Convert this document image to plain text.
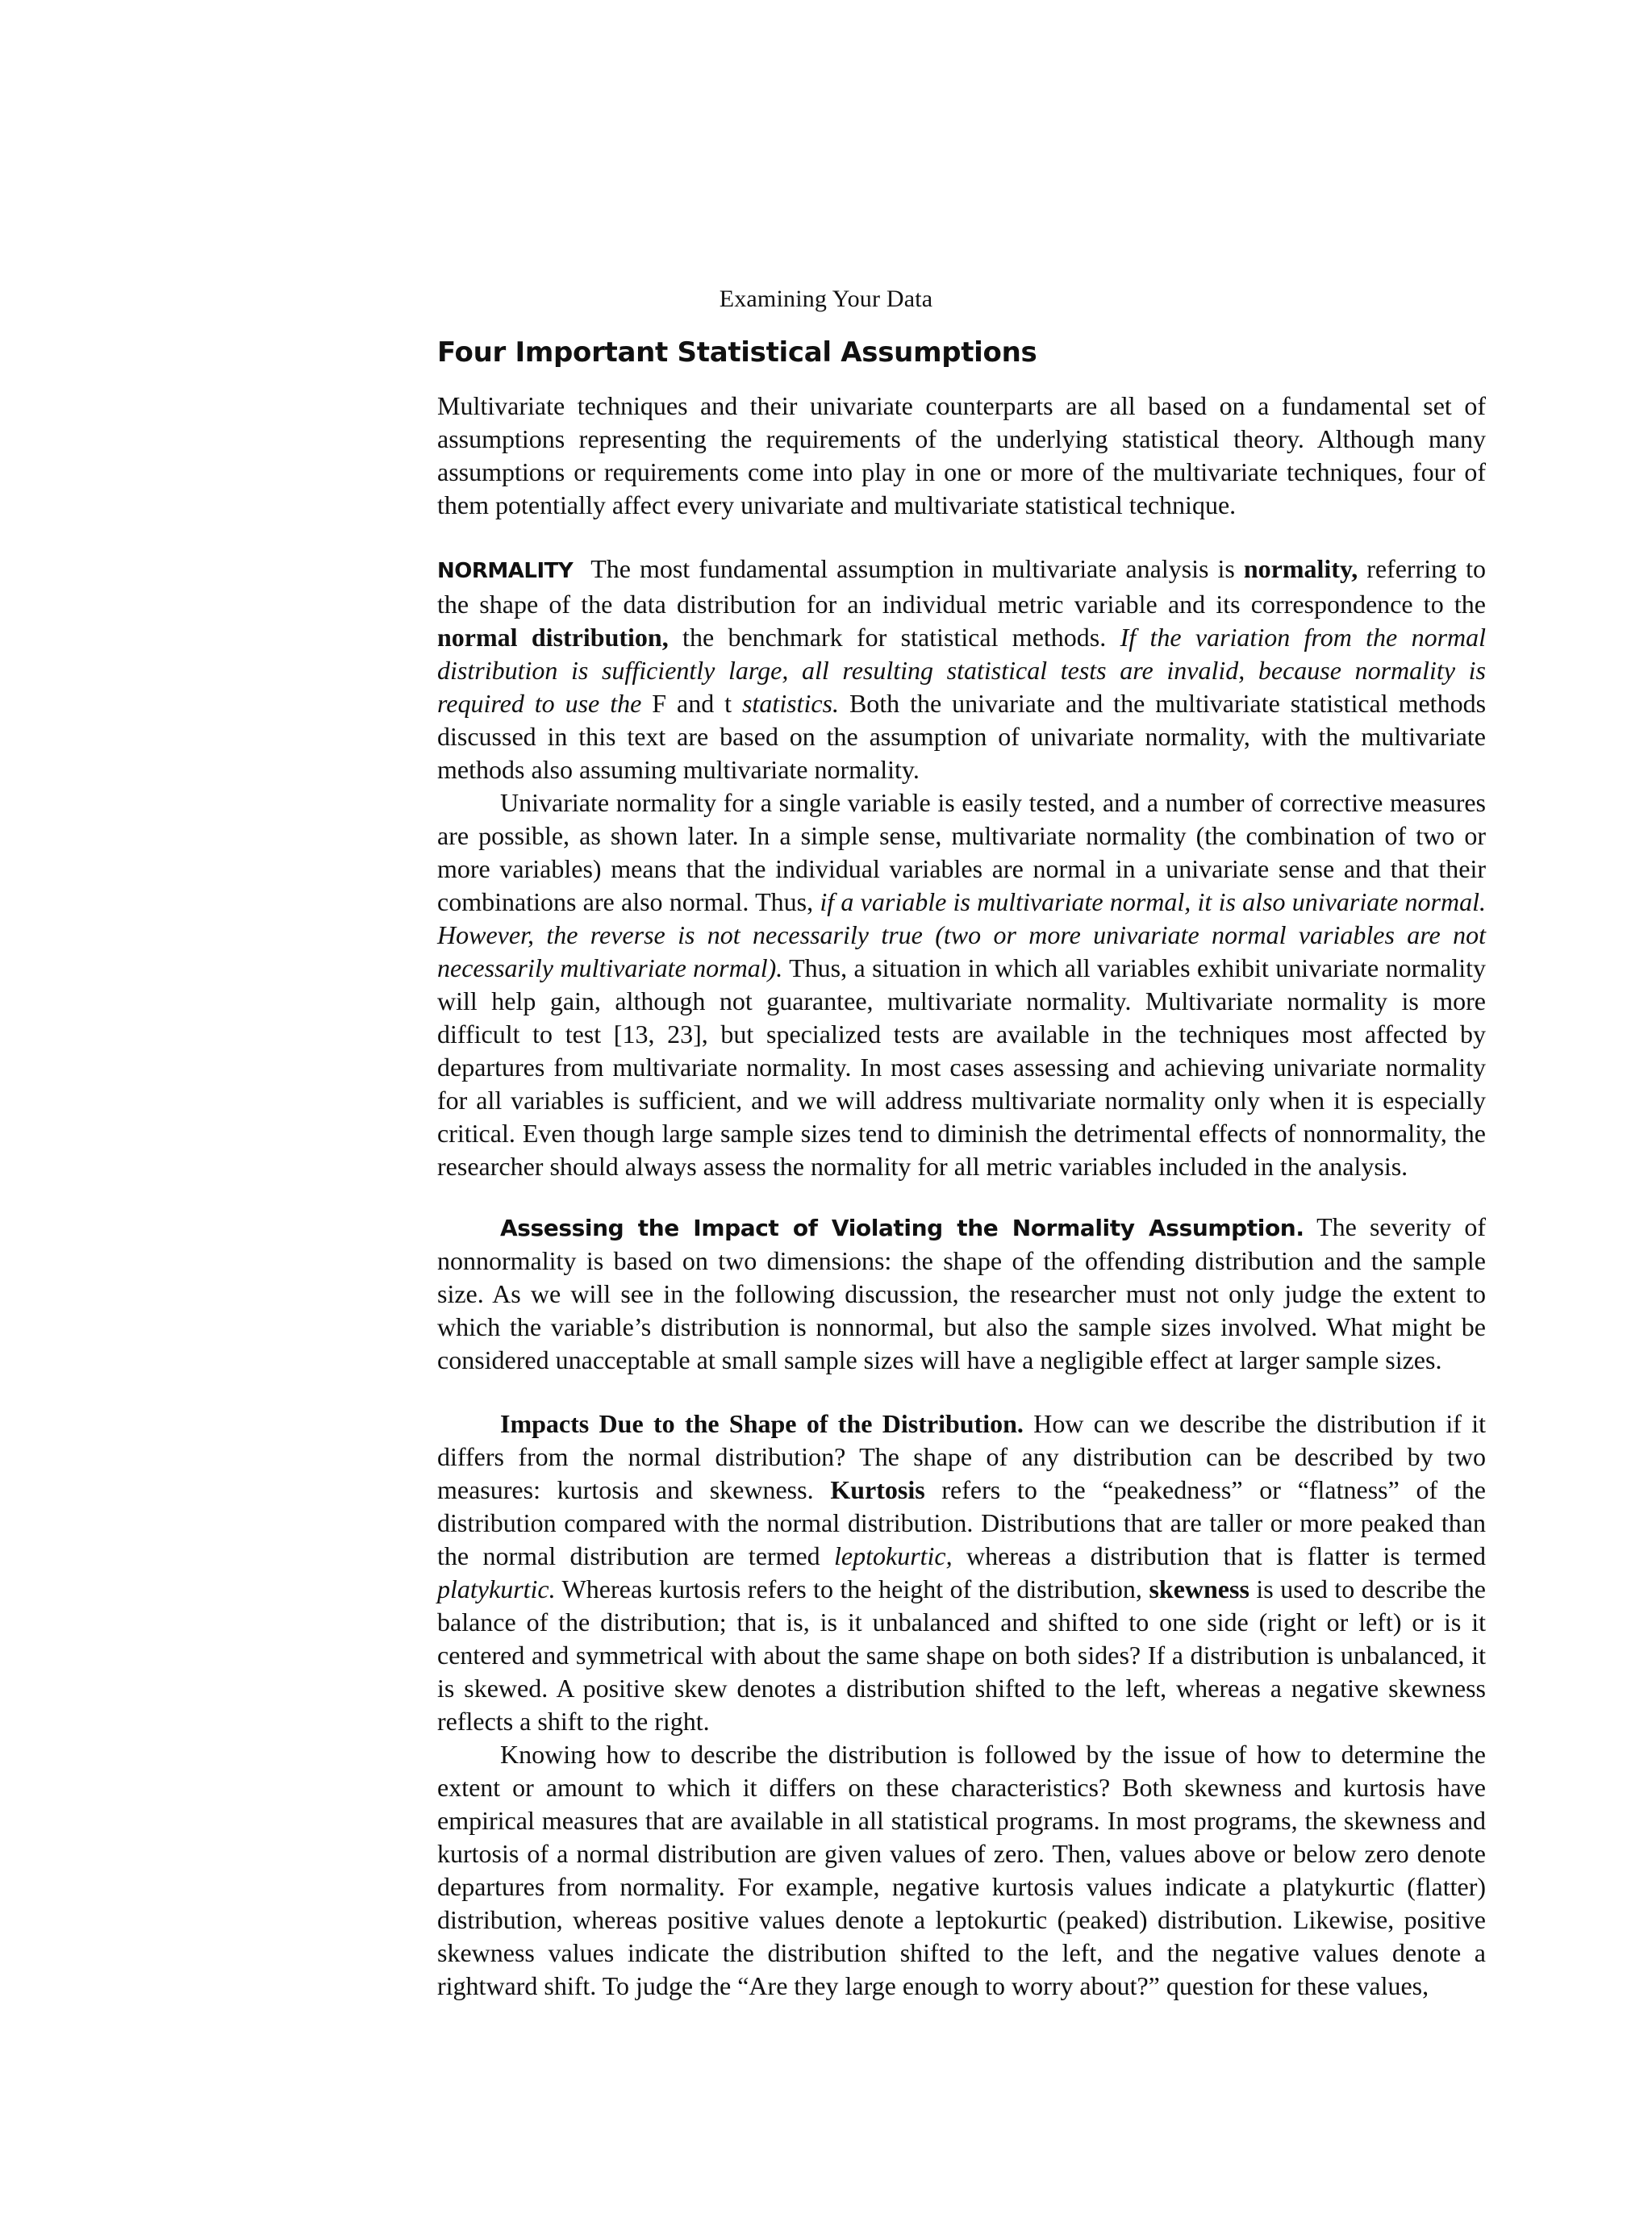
Examining Your Data
Four Important Statistical Assumptions

Multivariate techniques and their univariate counterparts are all based on a fundamental set of assumptions representing the requirements of the underlying statistical theory. Although many assumptions or requirements come into play in one or more of the multivariate techniques, four of them potentially affect every univariate and multivariate statistical technique.

NORMALITY The most fundamental assumption in multivariate analysis is normality, referring to the shape of the data distribution for an individual metric variable and its correspondence to the normal distribution, the benchmark for statistical methods. If the variation from the normal distribution is sufficiently large, all resulting statistical tests are invalid, because normality is required to use the F and t statistics. Both the univariate and the multivariate statistical methods discussed in this text are based on the assumption of univariate normality, with the multivariate methods also assuming multivariate normality.

Univariate normality for a single variable is easily tested, and a number of corrective measures are possible, as shown later. In a simple sense, multivariate normality (the combination of two or more variables) means that the individual variables are normal in a univariate sense and that their combinations are also normal. Thus, if a variable is multivariate normal, it is also univariate normal. However, the reverse is not necessarily true (two or more univariate normal variables are not necessarily multivariate normal). Thus, a situation in which all variables exhibit univariate normality will help gain, although not guarantee, multivariate normality. Multivariate normality is more difficult to test [13, 23], but specialized tests are available in the techniques most affected by departures from multivariate normality. In most cases assessing and achieving univariate normality for all variables is sufficient, and we will address multivariate normality only when it is especially critical. Even though large sample sizes tend to diminish the detrimental effects of nonnormality, the researcher should always assess the normality for all metric variables included in the analysis.

Assessing the Impact of Violating the Normality Assumption. The severity of nonnormality is based on two dimensions: the shape of the offending distribution and the sample size. As we will see in the following discussion, the researcher must not only judge the extent to which the variable’s distribution is nonnormal, but also the sample sizes involved. What might be considered unacceptable at small sample sizes will have a negligible effect at larger sample sizes.

Impacts Due to the Shape of the Distribution. How can we describe the distribution if it differs from the normal distribution? The shape of any distribution can be described by two measures: kurtosis and skewness. Kurtosis refers to the “peakedness” or “flatness” of the distribution compared with the normal distribution. Distributions that are taller or more peaked than the normal distribution are termed leptokurtic, whereas a distribution that is flatter is termed platykurtic. Whereas kurtosis refers to the height of the distribution, skewness is used to describe the balance of the distribution; that is, is it unbalanced and shifted to one side (right or left) or is it centered and symmetrical with about the same shape on both sides? If a distribution is unbalanced, it is skewed. A positive skew denotes a distribution shifted to the left, whereas a negative skewness reflects a shift to the right.

Knowing how to describe the distribution is followed by the issue of how to determine the extent or amount to which it differs on these characteristics? Both skewness and kurtosis have empirical measures that are available in all statistical programs. In most programs, the skewness and kurtosis of a normal distribution are given values of zero. Then, values above or below zero denote departures from normality. For example, negative kurtosis values indicate a platykurtic (flatter) distribution, whereas positive values denote a leptokurtic (peaked) distribution. Likewise, positive skewness values indicate the distribution shifted to the left, and the negative values denote a rightward shift. To judge the “Are they large enough to worry about?” question for these values,
